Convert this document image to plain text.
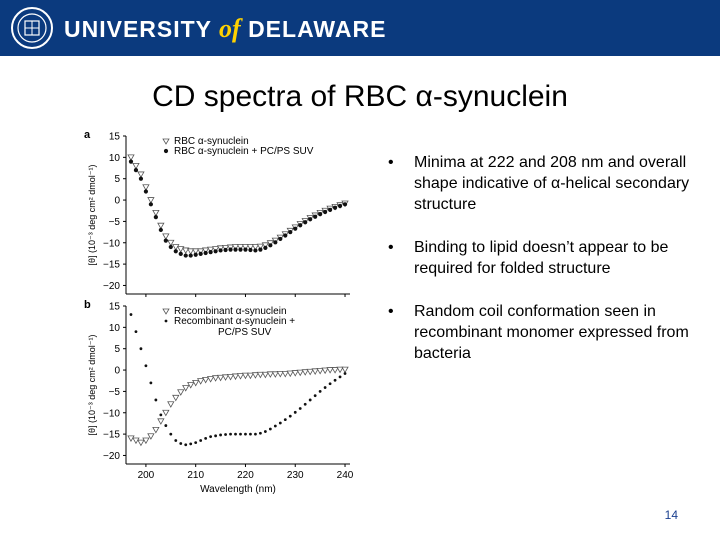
UNIVERSITY of DELAWARE
CD spectra of RBC α-synuclein
a 15
10
5
0
−5
−10
−15
−20
[θ] (10⁻³ deg cm² dmol⁻¹)
RBC α-synuclein
RBC α-synuclein + PC/PS SUV
b 15
10
5
0
−5
−10
−15
−20
200	210	220	230	240
[θ] (10⁻³ deg cm² dmol⁻¹)
Wavelength (nm)
Recombinant α-synuclein
Recombinant α-synuclein +
PC/PS SUV
• Minima at 222 and 208 nm and overall shape indicative of α-helical secondary structure
• Binding to lipid doesn’t appear to be required for folded structure
• Random coil conformation seen in recombinant monomer expressed from bacteria
14
